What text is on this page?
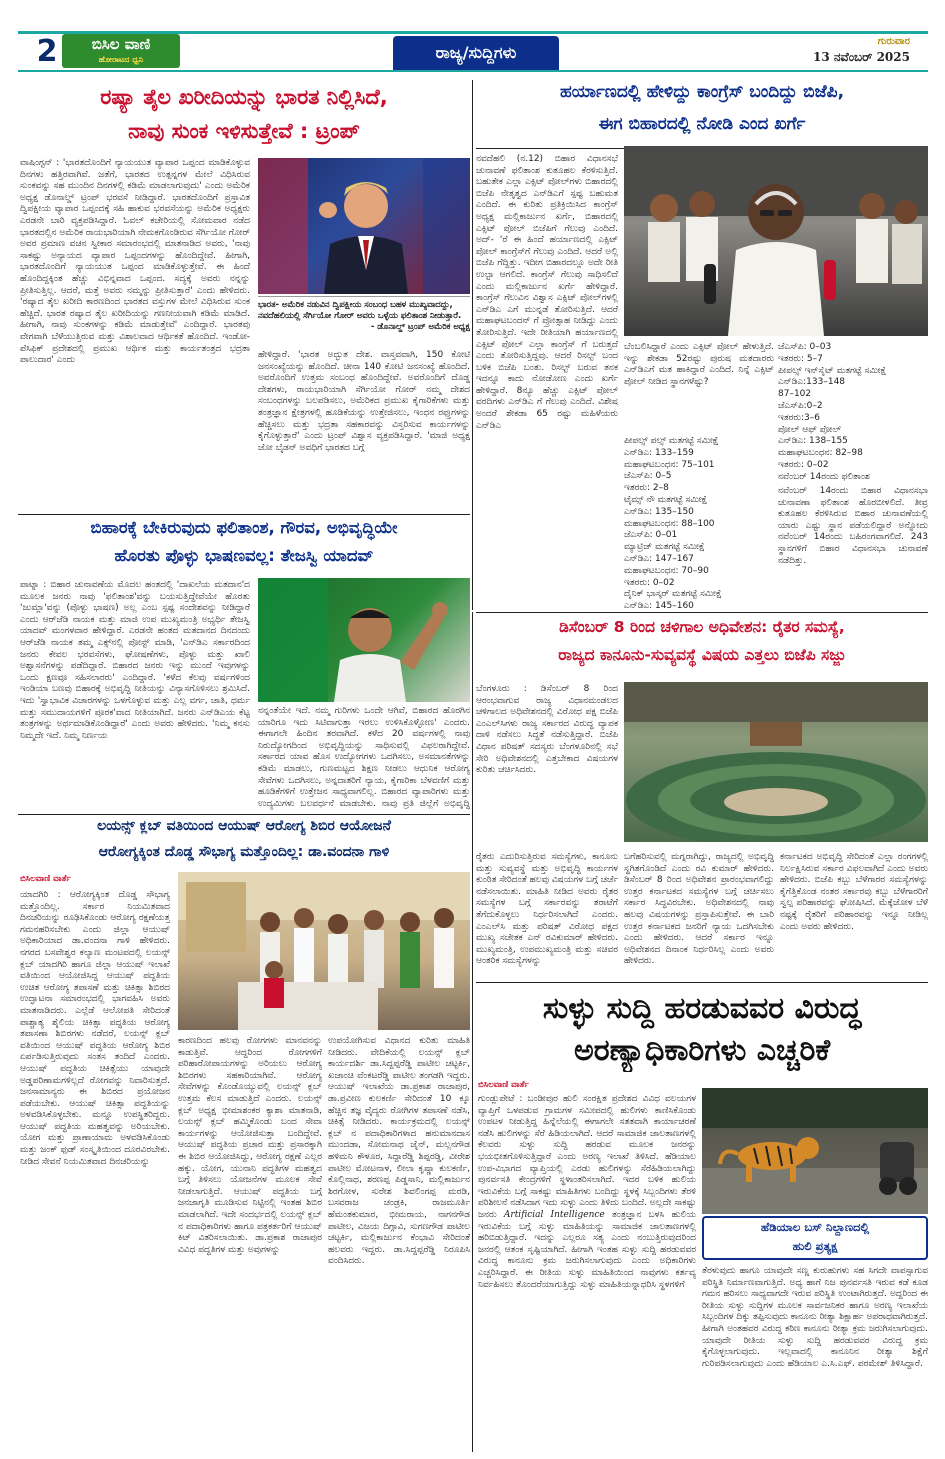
2	ಬಿಸಿಲ ವಾಣಿ
ಹೋರಾಟದ ಧ್ವನಿ	ರಾಜ್ಯ/ಸುದ್ದಿಗಳು
ಗುರುವಾರ
13 ನವೆಂಬರ್ 2025
ರಷ್ಯಾ ತೈಲ ಖರೀದಿಯನ್ನು ಭಾರತ ನಿಲ್ಲಿಸಿದೆ,
ನಾವು ಸುಂಕ ಇಳಿಸುತ್ತೇವೆ : ಟ್ರಂಪ್
ವಾಷಿಂಗ್ಟನ್ : 'ಭಾರತದೊಂದಿಗೆ ನ್ಯಾಯಯುತ ವ್ಯಾಪಾರ ಒಪ್ಪಂದ ಮಾಡಿಕೊಳ್ಳುವ ದಿನಗಳು ಹತ್ತಿರವಾಗಿವೆ. ಜತೆಗೆ, ಭಾರತದ ಉತ್ಪನ್ನಗಳ ಮೇಲೆ ವಿಧಿಸಿರುವ ಸುಂಕವನ್ನು ಸಹ ಮುಂದಿನ ದಿನಗಳಲ್ಲಿ ಕಡಿಮೆ ಮಾಡಲಾಗುವುದು' ಎಂದು ಅಮೆರಿಕ ಅಧ್ಯಕ್ಷ ಡೊನಾಲ್ಡ್ ಟ್ರಂಪ್ ಭರವಸೆ ನೀಡಿದ್ದಾರೆ. ಭಾರತದೊಂದಿಗೆ ಪ್ರಸ್ತಾವಿತ ದ್ವಿಪಕ್ಷೀಯ ವ್ಯಾಪಾರ ಒಪ್ಪಂದಕ್ಕೆ ಸಹಿ ಹಾಕುವ ಭರವಸೆಯನ್ನು ಅಮೆರಿಕ ಅಧ್ಯಕ್ಷರು ಎರಡನೇ ಬಾರಿ ವ್ಯಕ್ತಪಡಿಸಿದ್ದಾರೆ. ಓವಲ್ ಕಚೇರಿಯಲ್ಲಿ ಸೋಮವಾರ ನಡೆದ ಭಾರತದಲ್ಲಿನ ಅಮೆರಿಕ ರಾಯಭಾರಿಯಾಗಿ ನೇಮಕಗೊಂಡಿರುವ ಸೆರ್ಗಿಯೋ ಗೋರ್ ಅವರ ಪ್ರಮಾಣ ವಚನ ಸ್ವೀಕಾರ ಸಮಾರಂಭದಲ್ಲಿ ಮಾತನಾಡಿದ ಅವರು, 'ನಾವು ಸಾಕಷ್ಟು ಅನ್ಯಾಯದ ವ್ಯಾಪಾರ ಒಪ್ಪಂದಗಳನ್ನು ಹೊಂದಿದ್ದೇವೆ. ಹೀಗಾಗಿ, ಭಾರತದೊಂದಿಗೆ ನ್ಯಾಯಯುತ ಒಪ್ಪಂದ ಮಾಡಿಕೊಳ್ಳುತ್ತೇವೆ. ಈ ಹಿಂದೆ ಹೊಂದಿದ್ದಕ್ಕಿಂತ ಹೆಚ್ಚು ವಿಭಿನ್ನವಾದ ಒಪ್ಪಂದ. ಸದ್ಯಕ್ಕೆ ಅವರು ನನ್ನನ್ನು ಪ್ರೀತಿಸುತ್ತಿಲ್ಲ. ಆದರೆ, ಮತ್ತೆ ಅವರು ನಮ್ಮನ್ನು ಪ್ರೀತಿಸುತ್ತಾರೆ' ಎಂದು ಹೇಳಿದರು. 'ರಷ್ಯಾದ ತೈಲ ಖರೀದಿ ಕಾರಣದಿಂದ ಭಾರತದ ವಸ್ತುಗಳ ಮೇಲೆ ವಿಧಿಸಿರುವ ಸುಂಕ ಹೆಚ್ಚಿದೆ. ಭಾರತ ರಷ್ಯಾದ ತೈಲ ಖರೀದಿಯನ್ನು ಗಣನೀಯವಾಗಿ ಕಡಿಮೆ ಮಾಡಿದೆ. ಹೀಗಾಗಿ, ನಾವು ಸುಂಕಗಳನ್ನು ಕಡಿಮೆ ಮಾಡುತ್ತೇವೆ' ಎಂದಿದ್ದಾರೆ. ಭಾರತವು ವೇಗವಾಗಿ ಬೆಳೆಯುತ್ತಿರುವ ಮತ್ತು ವಿಶಾಲವಾದ ಆರ್ಥಿಕತೆ ಹೊಂದಿದೆ. ಇಂಡೋ-ಪೆಸಿಫಿಕ್ ಪ್ರದೇಶದಲ್ಲಿ ಪ್ರಮುಖ ಆರ್ಥಿಕ ಮತ್ತು ಕಾರ್ಯತಂತ್ರದ ಭದ್ರತಾ ಪಾಲುದಾರ' ಎಂದು
ಭಾರತ- ಅಮೆರಿಕ ನಡುವಿನ ದ್ವಿಪಕ್ಷೀಯ ಸಂಬಂಧ ಬಹಳ ಮುಖ್ಯವಾದದ್ದು, ನವದೆಹಲಿಯಲ್ಲಿ ಸೆರ್ಗಿಯೋ ಗೋರ್ ಅವರು ಒಳ್ಳೆಯ ಫಲಿತಾಂಶ ನೀಡುತ್ತಾರೆ.
- ಡೊನಾಲ್ಡ್ ಟ್ರಂಪ್ ಅಮೆರಿಕ ಅಧ್ಯಕ್ಷ
ಹೇಳಿದ್ದಾರೆ. 'ಭಾರತ ಅದ್ಭುತ ದೇಶ. ವಾಸ್ತವವಾಗಿ, 150 ಕೋಟಿ ಜನಸಂಖ್ಯೆಯನ್ನು ಹೊಂದಿದೆ. ಚೀನಾ 140 ಕೋಟಿ ಜನಸಂಖ್ಯೆ ಹೊಂದಿದೆ. ಅವರೊಂದಿಗೆ ಉತ್ತಮ ಸಂಬಂಧ ಹೊಂದಿದ್ದೇವೆ. ಅವರೊಂದಿಗೆ ದೊಡ್ಡ ದೇಶಗಳು, ರಾಯಭಾರಿಯಾಗಿ ಸೆರ್ಗಿಯೋ ಗೋರ್ ನಮ್ಮ ದೇಶದ ಸಂಬಂಧಗಳನ್ನು ಬಲಪಡಿಸಲು, ಅಮೆರಿಕದ ಪ್ರಮುಖ ಕೈಗಾರಿಕೆಗಳು ಮತ್ತು ತಂತ್ರಜ್ಞಾನ ಕ್ಷೇತ್ರಗಳಲ್ಲಿ ಹೂಡಿಕೆಯನ್ನು ಉತ್ತೇಜಿಸಲು, ಇಂಧನ ರಫ್ತುಗಳನ್ನು ಹೆಚ್ಚಿಸಲು ಮತ್ತು ಭದ್ರತಾ ಸಹಕಾರವನ್ನು ವಿಸ್ತರಿಸುವ ಕಾರ್ಯಗಳನ್ನು ಕೈಗೊಳ್ಳುತ್ತಾರೆ' ಎಂದು ಟ್ರಂಪ್ ವಿಶ್ವಾಸ ವ್ಯಕ್ತಪಡಿಸಿದ್ದಾರೆ. 'ಮಾಜಿ ಅಧ್ಯಕ್ಷ ಜೋ ಬೈಡನ್ ಅವಧಿಗೆ ಭಾರತದ ಬಗ್ಗೆ
ಹರ್ಯಾಣದಲ್ಲಿ ಹೇಳಿದ್ದು ಕಾಂಗ್ರೆಸ್ ಬಂದಿದ್ದು ಬಿಜೆಪಿ,
ಈಗ ಬಿಹಾರದಲ್ಲಿ ನೋಡಿ ಎಂದ ಖರ್ಗೆ
ನವದೆಹಲಿ (ನ.12) ಬಿಹಾರ ವಿಧಾನಸಭೆ ಚುನಾವಣೆ ಫಲಿತಾಂಶ ಕುತೂಹಲ ಕೆರಳಿಸುತ್ತಿದೆ. ಬಹುತೇಕ ಎಲ್ಲಾ ಎಕ್ಸಿಟ್ ಪೋಲ್‌ಗಳು ಬಿಹಾರದಲ್ಲಿ ಬಿಜೆಪಿ ನೇತೃತ್ವದ ಎನ್‌ಡಿಎಗೆ ಸ್ಪಷ್ಟ ಬಹುಮತ ಎಂದಿದೆ. ಈ ಕುರಿತು ಪ್ರತಿಕ್ರಿಯಿಸಿದ ಕಾಂಗ್ರೆಸ್ ಅಧ್ಯಕ್ಷ ಮಲ್ಲಿಕಾರ್ಜುನ ಖರ್ಗೆ, ಬಿಹಾರದಲ್ಲಿ ಎಕ್ಸಿಟ್ ಪೋಲ್ ಬಿಜೆಪಿಗೆ ಗೆಲುವು ಎಂದಿದೆ. ಅದ್- 'ರೆ ಈ ಹಿಂದೆ ಹರ್ಯಾಣದಲ್ಲಿ ಎಕ್ಸಿಟ್ ಪೋಲ್ ಕಾಂಗ್ರೆಸ್‌ಗೆ ಗೆಲುವು ಎಂದಿದೆ. ಆದರೆ ಅಲ್ಲಿ ಬಿಜೆಪಿ ಗೆದ್ದಿತ್ತು. ಇದೀಗ ಬಿಹಾರದಲ್ಲೂ ಅದೇ ರೀತಿ ಉಲ್ಟಾ ಆಗಲಿದೆ. ಕಾಂಗ್ರೆಸ್ ಗೆಲುವು ಸಾಧಿಸಲಿದೆ ಎಂದು ಮಲ್ಲಿಕಾರ್ಜುನ ಖರ್ಗೆ ಹೇಳಿದ್ದಾರೆ. ಕಾಂಗ್ರೆಸ್ ಗೆಲುವಿನ ವಿಶ್ವಾಸ ಎಕ್ಸಿಟ್ ಪೋಲ್‌ಗಳಲ್ಲಿ ಎನ್‌ಡಿಎ ಎಗೆ ಮುನ್ನಡೆ ತೋರಿಸುತ್ತಿದೆ. ಆದರೆ ಮಹಾಘಟಬಂದನ್ ಗೆ ಪ್ರೋತ್ಸಾಹ ನೀಡಿದ್ದು ಎಂದು ತೋರಿಸುತ್ತಿದೆ. ಇದೇ ರೀತಿಯಾಗಿ ಹರ್ಯಾಣದಲ್ಲಿ ಎಕ್ಸಿಟ್ ಪೋಲ್ ಎಲ್ಲಾ ಕಾಂಗ್ರೆಸ್ ಗೆ ಬರುತ್ತದೆ ಎಂದು ತೋರಿಸುತ್ತಿದ್ದವು. ಆದರೆ ರಿಸಲ್ಟ್ ಬಂದ ಬಳಿಕ ಬಿಜೆಪಿ ಬಂತು. ರಿಸಲ್ಟ್ ಬರುವ ತನಕ ಇದನ್ನೂ ಕಾದು ನೋಡೋಣ ಎಂದು ಖರ್ಗೆ ಹೇಳಿದ್ದಾರೆ. 8ನ್ಯೂ ಹೆಚ್ಚು ಎಕ್ಸಿಟ್ ಪೋಲ್ ವರದಿಗಳು ಎನ್‌ಡಿಎ ಗೆ ಗೆಲುವು ಎಂದಿದೆ. ವಿಶೇಷ ಅಂದರೆ ಶೇಕಡಾ 65 ರಷ್ಟು ಮಹಿಳೆಯರು ಎನ್‌ಡಿಎ
ಬೆಂಬಲಿಸಿದ್ದಾರೆ ಎಂದು ಎಕ್ಸಿಟ್ ಪೋಲ್ ಹೇಳುತ್ತಿದೆ. ಇನ್ನು ಶೇಕಡಾ 52ರಷ್ಟು ಪುರುಷ ಮತದಾರರು ಎನ್‌ಡಿಎಗೆ ಮತ ಹಾಕಿದ್ದಾರೆ ಎಂದಿದೆ. ನಿನ್ನೆ ಎಕ್ಸಿಟ್ ಪೋಲ್ ನೀಡಿದ ಸ್ಥಾನಗಳೆಷ್ಟು?
ಪೀಪಲ್ಸ್ ಪಲ್ಸ್ ಮತಗಟ್ಟೆ ಸಮೀಕ್ಷೆ
ಎನ್‌ಡಿಎ: 133–159
ಮಹಾಘಟಬಂಧನ: 75–101
ಜೆಎಸ್‌ಪಿ: 0–5
ಇತರರು: 2–8
ಟೈಮ್ಸ್ ನೌ ಮತಗಟ್ಟೆ ಸಮೀಕ್ಷೆ
ಎನ್‌ಡಿಎ: 135–150
ಮಹಾಘಟಬಂಧನ: 88–100
ಜೆಎಸ್‌ಪಿ: 0–01
ಮ್ಯಾಟ್ರಿಜ್ ಮತಗಟ್ಟೆ ಸಮೀಕ್ಷೆ
ಎನ್‌ಡಿಎ: 147–167
ಮಹಾಘಟಬಂಧನ: 70–90
ಇತರರು: 0–02
ದೈನಿಕ್ ಭಾಸ್ಕರ್ ಮತಗಟ್ಟೆ ಸಮೀಕ್ಷೆ
ಎನ್‌ಡಿಎ: 145–160
ಜೆಎಸ್‌ಪಿ: 0–03
ಇತರರು: 5–7
ಪೀಪಲ್ಸ್ ಇನ್‌ಸೈಟ್ ಮತಗಟ್ಟೆ ಸಮೀಕ್ಷೆ
ಎನ್‌ಡಿಎ:133–148
87–102
ಜೆಎಸ್‌ಪಿ:0–2
ಇತರರು:3–6
ಪೋಲ್ ಆಫ್ ಪೋಲ್
ಎನ್‌ಡಿಎ: 138–155
ಮಹಾಘಟಬಂಧನ: 82–98
ಇತರರು: 0–02
ನವೆಂಬರ್ 14ರಂದು ಫಲಿತಾಂಶ
ನವೆಂಬರ್ 14ರಂದು ಬಿಹಾರ ವಿಧಾನಸಭಾ ಚುನಾವಣಾ ಫಲಿತಾಂಶ ಹೊರಬೀಳಲಿದೆ. ತೀವ್ರ ಕುತೂಹಲ ಕೆರಳಿಸಿರುವ ಬಿಹಾರ ಚುನಾವಣೆಯಲ್ಲಿ ಯಾರು ಎಷ್ಟು ಸ್ಥಾನ ಪಡೆಯಲಿದ್ದಾರೆ ಅನ್ನೋದು ನವೆಂಬರ್ 14ರಂದು ಬಹಿರಂಗವಾಗಲಿದೆ. 243 ಸ್ಥಾನಗಳಿಗೆ ಬಿಹಾರ ವಿಧಾನಸಭಾ ಚುನಾವಣೆ ನಡೆದಿತ್ತು.
ಬಿಹಾರಕ್ಕೆ ಬೇಕಿರುವುದು ಫಲಿತಾಂಶ, ಗೌರವ, ಅಭಿವೃದ್ಧಿಯೇ
ಹೊರತು ಪೊಳ್ಳು ಭಾಷಣವಲ್ಲ: ತೇಜಸ್ವಿ ಯಾದವ್
ಪಾಟ್ನಾ : ಬಿಹಾರ ಚುನಾವಣೆಯ ಮೊದಲ ಹಂತದಲ್ಲಿ 'ದಾಖಲೆಯ ಮತದಾನ'ದ ಮೂಲಕ ಜನರು ನಾವು 'ಫಲಿತಾಂಶ'ವನ್ನು ಬಯಸುತ್ತಿದ್ದೇವೆಯೇ ಹೊರತು 'ಜುಮ್ಲಾ'ವನ್ನು (ಪೊಳ್ಳು ಭಾಷಣ) ಅಲ್ಲ ಎಂಬ ಸ್ಪಷ್ಟ ಸಂದೇಶವನ್ನು ನೀಡಿದ್ದಾರೆ ಎಂದು ಆರ್‌ಜೆಡಿ ನಾಯಕ ಮತ್ತು ಮಾಜಿ ಉಪ ಮುಖ್ಯಮಂತ್ರಿ ಅಭ್ಯರ್ಥಿ ತೇಜಸ್ವಿ ಯಾದವ್ ಮಂಗಳವಾರ ಹೇಳಿದ್ದಾರೆ. ಎರಡನೇ ಹಂತದ ಮತದಾನದ ದಿನದಂದು ಆರ್‌ಜೆಡಿ ನಾಯಕ ತಮ್ಮ ಎಕ್ಸ್‌ನಲ್ಲಿ ಪೋಸ್ಟ್ ಮಾಡಿ, 'ಎನ್‌ಡಿಎ ಸರ್ಕಾರದಿಂದ ಜನರು ಕೇವಲ ಭರವಸೆಗಳು, ಘೋಷಣೆಗಳು, ಪೊಳ್ಳು ಮತ್ತು ಖಾಲಿ ಅಶ್ವಾಸನೆಗಳನ್ನು ಪಡೆದಿದ್ದಾರೆ. ಬಿಹಾರದ ಜನರು ಇನ್ನು ಮುಂದೆ ಇವುಗಳನ್ನು ಒಂದು ಕ್ಷಣವೂ ಸಹಿಸಲಾರರು' ಎಂದಿದ್ದಾರೆ. 'ಕಳೆದ ಕೆಲವು ವರ್ಷಗಳಿಂದ ಇಂಡಿಯಾ ಬಣವು ಬಿಹಾರಕ್ಕೆ ಅಭಿವೃದ್ಧಿ ನೀತಿಯನ್ನು ವಿನ್ಯಾಸಗೊಳಿಸಲು ಶ್ರಮಿಸಿದೆ. ಇದು 'ಸ್ವಾಭಾವಿಕ ವಿಚಾರಗಳನ್ನು ಒಳಗೊಳ್ಳುವ ಮತ್ತು ಎಲ್ಲ ವರ್ಗ, ಜಾತಿ, ಧರ್ಮ ಮತ್ತು ಸಮುದಾಯಗಳಿಗೆ ಪೂರಕ'ವಾದ ನೀತಿಯಾಗಿದೆ. ಜನರು ಎನ್‌ಡಿಎಯ ಕೆಟ್ಟ ತಂತ್ರಗಳನ್ನು ಅರ್ಥಮಾಡಿಕೊಂಡಿದ್ದಾರೆ' ಎಂದು ಅವರು ಹೇಳಿದರು. 'ನಿಮ್ಮ ಕನಸು ನಿಮ್ಮದೇ ಇದೆ. ನಿಮ್ಮ ನಿರ್ಣಯ
ನನ್ನಂತೆಯೇ ಇದೆ. ನಮ್ಮ ಗುರಿಗಳು ಒಂದೇ ಆಗಿವೆ, ಬಿಹಾರದ ಹೊರಗಿನ ಯಾರಿಗೂ ಇದು ಸಿಟಿವಾಗುತ್ತಾ ಇರಲು ಉಳಿಸಿಕೊಳ್ಳೋಣ' ಎಂದರು. ಈಗಾಗಲೇ ಹಿಂದಿನ ತರವಾಗಿದೆ. ಕಳೆದ 20 ವರ್ಷಗಳಲ್ಲಿ ನಾವು ನಿರುದ್ಯೋಗದಿಂದ ಅಭಿವೃದ್ಧಿಯನ್ನು ಸಾಧಿಸುವಲ್ಲಿ ವಿಫಲರಾಗಿದ್ದೇವೆ. ಸರ್ಕಾರದ ಯಾವ ಹೊಸ ಉದ್ಯೋಗಗಳು ಒದಗಿಸಲು, ಅಸಮಾನತೆಗಳನ್ನು ಕಡಿಮೆ ಮಾಡಲು, ಗುಣಮಟ್ಟದ ಶಿಕ್ಷಣ ನೀಡಲು ಆಧುನಿಕ ಆರೋಗ್ಯ ಸೇವೆಗಳು ಒದಗಿಸಲು, ಅನ್ನದಾತರಿಗೆ ನ್ಯಾಯ, ಕೈಗಾರಿಕಾ ಬೆಳವಣಿಗೆ ಮತ್ತು ಹೂಡಿಕೆಗಳಿಗೆ ಉತ್ತೇಜನ ಸಾಧ್ಯವಾಗಲಿಲ್ಲ. ಬಿಹಾರದ ವ್ಯಾಪಾರಿಗಳು ಮತ್ತು ಉದ್ಯಮಿಗಳು ಬಲವರ್ಧನೆ ಮಾಡಬೇಕು. ನಾವು ಪ್ರತಿ ಜಿಲ್ಲೆಗೆ ಅಭಿವೃದ್ಧಿ
ಲಯನ್ಸ್ ಕ್ಲಬ್ ವತಿಯಿಂದ ಆಯುಷ್ ಆರೋಗ್ಯ ಶಿಬಿರ ಆಯೋಜನೆ
ಆರೋಗ್ಯಕ್ಕಿಂತ ದೊಡ್ಡ ಸೌಭಾಗ್ಯ ಮತ್ತೊಂದಿಲ್ಲ: ಡಾ.ವಂದನಾ ಗಾಳಿ
ಬಿಸಿಲವಾಣಿ ವಾರ್ತೆ
ಯಾದಗಿರಿ : ಆರೋಗ್ಯಕ್ಕಿಂತ ದೊಡ್ಡ ಸೌಭಾಗ್ಯ ಮತ್ತೊಂದಿಲ್ಲ. ಸರ್ಕಾರ ನಿಯಮಿತವಾದ ದಿನಚರಿಯನ್ನು ರೂಢಿಸಿಕೊಂಡು ಆರೋಗ್ಯ ರಕ್ಷಣೆಯತ್ತ ಗಮನಹರಿಸಬೇಕು ಎಂದು ಜಿಲ್ಲಾ ಆಯುಷ್ ಅಧಿಕಾರಿಯಾದ ಡಾ.ವಂದನಾ ಗಾಳಿ ಹೇಳಿದರು. ನಗರದ ಬಸವೇಶ್ವರ ಕಲ್ಯಾಣ ಮಂಟಪದಲ್ಲಿ ಲಯನ್ಸ್ ಕ್ಲಬ್ ಯಾದಗಿರಿ ಹಾಗೂ ಜಿಲ್ಲಾ ಆಯುಷ್ ಇಲಾಖೆ ವತಿಯಿಂದ ಆಯೋಜಿಸಿದ್ದ ಆಯುಷ್ ಪದ್ಧತಿಯ ಉಚಿತ ಆರೋಗ್ಯ ತಪಾಸಣೆ ಮತ್ತು ಚಿಕಿತ್ಸಾ ಶಿಬಿರದ ಉದ್ಘಾಟನಾ ಸಮಾರಂಭದಲ್ಲಿ ಭಾಗವಹಿಸಿ ಅವರು ಮಾತನಾಡಿದರು. ಎಲ್ಲೆಡೆ ಆಲೋಪತಿ ಸೇರಿದಂತೆ ಪಾಶ್ಚಾತ್ಯ ಶೈಲಿಯ ಚಿಕಿತ್ಸಾ ಪದ್ಧತಿಯ ಆರೋಗ್ಯ ತಪಾಸಣಾ ಶಿಬಿರಗಳು ನಡೆದರೆ, ಲಯನ್ಸ್ ಕ್ಲಬ್ ವತಿಯಿಂದ ಆಯುಷ್ ಪದ್ಧತಿಯ ಆರೋಗ್ಯ ಶಿಬಿರ ಏರ್ಪಡಿಸುತ್ತಿರುವುದು ಸಂತಸ ತಂದಿದೆ ಎಂದರು. ಆಯುಷ್ ಪದ್ಧತಿಯ ಚಿಕಿತ್ಸೆಯು ಯಾವುದೇ ಅಡ್ಡಪರಿಣಾಮಗಳಿಲ್ಲದೆ ರೋಗವನ್ನು ನಿವಾರಿಸುತ್ತದೆ. ಜನಸಾಮಾನ್ಯರು ಈ ಶಿಬಿರದ ಪ್ರಯೋಜನ ಪಡೆಯಬೇಕು. ಆಯುಷ್ ಚಿಕಿತ್ಸಾ ಪದ್ಧತಿಯನ್ನು ಅಳವಡಿಸಿಕೊಳ್ಳಬೇಕು. ಮನ್ನೂ ಉಪಸ್ಥಿತರಿದ್ದರು. ಆಯುಷ್ ಪದ್ಧತಿಯ ಮಹತ್ವವನ್ನು ಅರಿಯಬೇಕು. ಯೋಗ ಮತ್ತು ಪ್ರಾಣಾಯಾಮ ಅಳವಡಿಸಿಕೊಂಡು ಮತ್ತು ಜಂಕ್ ಫುಡ್ ಸಂಸ್ಕೃತಿಯಿಂದ ದೂರವಿರಬೇಕು. ನೀಡಿದ ಸೇವನೆ ನಿಯಮಿತವಾದ ದಿನಚರಿಯನ್ನು
ಕಾರಣದಿಂದ ಹಲವು ರೋಗಗಳು ಮಾನವನನ್ನು ಕಾಡುತ್ತಿವೆ. ಆದ್ದರಿಂದ ರೋಗಗಳಿಗೆ ಪರಿಹಾರೋಪಾಯಗಳನ್ನು ಅರಿಯಲು ಆರೋಗ್ಯ ಶಿಬಿರಗಳು ಸಹಕಾರಿಯಾಗಿವೆ. ಆರೋಗ್ಯ ಸೇವೆಗಳನ್ನು ಕೊಂಡೊಯ್ಯುವಲ್ಲಿ ಲಯನ್ಸ್ ಕ್ಲಬ್ ಉತ್ತಮ ಕೆಲಸ ಮಾಡುತ್ತಿದೆ ಎಂದರು. ಲಯನ್ಸ್ ಕ್ಲಬ್ ಅಧ್ಯಕ್ಷ ಭೀಮಾಶಂಕರ ಕ್ಯಾಶಾ ಮಾತನಾಡಿ, ಲಯನ್ಸ್ ಕ್ಲಬ್ ಹಮ್ಮಿಕೊಂಡು ಬಂದ ಸೇವಾ ಕಾರ್ಯಗಳನ್ನು ಆಯೋಜಿಸುತ್ತಾ ಬಂದಿದ್ದೇವೆ. ಆಯುಷ್ ಪದ್ಧತಿಯ ಪ್ರಚಾರ ಮತ್ತು ಪ್ರಸಾರಕ್ಕಾಗಿ ಈ ಶಿಬಿರ ಆಯೋಜಿಸಿದ್ದು, ಆರೋಗ್ಯ ರಕ್ಷಣೆ ಎಲ್ಲರ ಹಕ್ಕು. ಯೋಗ, ಯುನಾನಿ ಪದ್ಧತಿಗಳ ಮಹತ್ವದ ಬಗ್ಗೆ ತಿಳಿಸಲು ಯೋಜನೆಗಳ ಮೂಲಕ ಸೇವೆ ನೀಡಲಾಗುತ್ತಿದೆ. ಆಯುಷ್ ಪದ್ಧತಿಯ ಬಗ್ಗೆ ಜನಜಾಗೃತಿ ಮೂಡಿಸುವ ನಿಟ್ಟಿನಲ್ಲಿ ಇಂತಹ ಶಿಬಿರ ಮಾಡಲಾಗಿದೆ. ಇದೇ ಸಂದರ್ಭದಲ್ಲಿ ಲಯನ್ಸ್ ಕ್ಲಬ್ ನ ಪದಾಧಿಕಾರಿಗಳು ಹಾಗೂ ಪತ್ರಕರ್ತರಿಗೆ ಆಯುಷ್ ಕಿಟ್ ವಿತರಿಸಲಾಯಿತು. ಡಾ.ಪ್ರಕಾಶ ರಾಜಾಪುರ ವಿವಿಧ ಪದ್ಧತಿಗಳ ಮತ್ತು ಅವುಗಳನ್ನು
ಉಪಯೋಗಿಸುವ ವಿಧಾನದ ಕುರಿತು ಮಾಹಿತಿ ನೀಡಿದರು. ವೇದಿಕೆಯಲ್ಲಿ ಲಯನ್ಸ್ ಕ್ಲಬ್ ಕಾರ್ಯದರ್ಶಿ ಡಾ.ಸಿದ್ದಪ್ಪರೆಡ್ಡಿ ಪಾಟೀಲ ಚಟ್ಟರ್ಕಿ, ಖಜಾಂಚಿ ವೆಂಕಟರೆಡ್ಡಿ ಪಾಟೀಲ ತಂಗಡಗಿ ಇದ್ದರು. ಆಯುಷ್ ಇಲಾಖೆಯ ಡಾ.ಪ್ರಕಾಶ ರಾಜಾಪುರ, ಡಾ.ಪ್ರವೀಣ ಕುಲಕರ್ಣಿ ಸೇರಿದಂತೆ 10 ಕ್ಕೂ ಹೆಚ್ಚಿನ ತಜ್ಞ ವೈದ್ಯರು ರೋಗಿಗಳ ತಪಾಸಣೆ ನಡೆಸಿ, ಚಿಕಿತ್ಸೆ ನೀಡಿದರು. ಕಾರ್ಯಕ್ರಮದಲ್ಲಿ ಲಯನ್ಸ್ ಕ್ಲಬ್ ನ ಪದಾಧಿಕಾರಿಗಳಾದ ಹನುಮಾನದಾಸ ಮುಂದಡಾ, ಸೋಮನಾಥ ಜೈನ್, ಮಲ್ಲನಗೌಡ ಹಳಿಮನಿ ಕೌಳೂರ, ಸಿದ್ದಾರೆಡ್ಡಿ ಶಿಪ್ಪರಡ್ಡಿ, ವೀರೇಶ ಪಾಟೀಲ ಮೋಟನಾಳ, ಲೀಲಾ ಕೃಷ್ಣಾ ಕುಲಕರ್ಣಿ, ಕೊಲ್ಲಿನಾಥ, ಶರಣಪ್ಪ ಪಿಡ್ಡಸಾನಿ, ಮಲ್ಲಿಕಾರ್ಜುನ ಶಿರಗೋಳ, ಸುರೇಶ ಶಿವಲಿಂಗಪ್ಪ ಮರಡಿ, ಬಸವರಾಜ ಚಂಡ್ರಕಿ, ರಾಜಮೂರ್ತಿ ಹೆಮಂತಕುಮಾರ, ಭೀಮರಾಯ, ನಾಗನಗೌಡ ಪಾಟೀಲ, ವಿಜಯ ದಿಗ್ಗಾವಿ, ಸುಗಣಗೌಡ ಪಾಟೀಲ ಚಟ್ಟರ್ಕಿ, ಮಲ್ಲಿಕಾರ್ಜುನ ಕೆಂಭಾವಿ ಸೇರಿದಂತೆ ಹಲವರು ಇದ್ದರು. ಡಾ.ಸಿದ್ದಪ್ಪರೆಡ್ಡಿ ನಿರೂಪಿಸಿ ವಂದಿಸಿದರು.
ಡಿಸೆಂಬರ್ 8 ರಿಂದ ಚಳಿಗಾಲ ಅಧಿವೇಶನ: ರೈತರ ಸಮಸ್ಯೆ,
ರಾಜ್ಯದ ಕಾನೂನು-ಸುವ್ಯವಸ್ಥೆ ವಿಷಯ ಎತ್ತಲು ಬಿಜೆಪಿ ಸಜ್ಜು
ಬೆಂಗಳೂರು : ಡಿಸೆಂಬರ್ 8 ರಿಂದ ಆರಂಭವಾಗುವ ರಾಜ್ಯ ವಿಧಾನಮಂಡಲದ ಚಳಿಗಾಲದ ಅಧಿವೇಶನದಲ್ಲಿ ವಿರೋಧ ಪಕ್ಷ ಬಿಜೆಪಿ ಎಂಎಲ್‌ಸಿಗಳು ರಾಜ್ಯ ಸರ್ಕಾರದ ವಿರುದ್ಧ ವ್ಯಾಪಕ ದಾಳಿ ನಡೆಸಲು ಸಿದ್ಧತೆ ನಡೆಸುತ್ತಿದ್ದಾರೆ. ಬಿಜೆಪಿ ವಿಧಾನ ಪರಿಷತ್ ಸದಸ್ಯರು ಬೆಂಗಳೂರಿನಲ್ಲಿ ಸಭೆ ಸೇರಿ ಅಧಿವೇಶನದಲ್ಲಿ ಎತ್ತಬೇಕಾದ ವಿಷಯಗಳ ಕುರಿತು ಚರ್ಚಿಸಿದರು.
ರೈತರು ಎದುರಿಸುತ್ತಿರುವ ಸಮಸ್ಯೆಗಳು, ಕಾನೂನು ಮತ್ತು ಸುವ್ಯವಸ್ಥೆ ಮತ್ತು ಅಭಿವೃದ್ಧಿ ಕಾರ್ಯಗಳ ಕುಂಠಿತ ಸೇರಿದಂತೆ ಹಲವು ವಿಷಯಗಳ ಬಗ್ಗೆ ಚರ್ಚೆ ನಡೆಸಲಾಯಿತು. ಮಾಹಿತಿ ನೀಡಿದ ಅವರು ರೈತರ ಸಮಸ್ಯೆಗಳ ಬಗ್ಗೆ ಸರ್ಕಾರವನ್ನು ತರಾಟೆಗೆ ತೆಗೆದುಕೊಳ್ಳಲು ನಿರ್ಧರಿಸಲಾಗಿದೆ ಎಂದರು. ಎಂಎಲ್‌ಸಿ ಮತ್ತು ಪರಿಷತ್ ವಿರೋಧ ಪಕ್ಷದ ಮುಖ್ಯ ಸಚೇತಕ ಎನ್ ರವಿಕುಮಾರ್ ಹೇಳಿದರು. ಮುಖ್ಯಮಂತ್ರಿ, ಉಪಮುಖ್ಯಮಂತ್ರಿ ಮತ್ತು ಸಚಿವರ ಆಂತರಿಕ ಸಮಸ್ಯೆಗಳನ್ನು
ಬಗೆಹರಿಸುವಲ್ಲಿ ಮಗ್ನರಾಗಿದ್ದು, ರಾಜ್ಯದಲ್ಲಿ ಅಭಿವೃದ್ಧಿ ಸ್ಥಗಿತಗೊಂಡಿದೆ ಎಂದು ರವಿ ಕುಮಾರ್ ಹೇಳಿದರು. ಡಿಸೆಂಬರ್ 8 ರಿಂದ ಅಧಿವೇಶನ ಪ್ರಾರಂಭವಾಗಲಿದ್ದು ಉತ್ತರ ಕರ್ನಾಟಕದ ಸಮಸ್ಯೆಗಳ ಬಗ್ಗೆ ಚರ್ಚಿಸಲು ಸರ್ಕಾರ ಸಿದ್ಧವಿರಬೇಕು. ಅಧಿವೇಶನದಲ್ಲಿ ನಾವು ಹಲವು ವಿಷಯಗಳನ್ನು ಪ್ರಸ್ತಾಪಿಸುತ್ತೇವೆ. ಈ ಬಾರಿ ಉತ್ತರ ಕರ್ನಾಟಕದ ಜನರಿಗೆ ನ್ಯಾಯ ಒದಗಿಸಬೇಕು ಎಂದು ಹೇಳಿದರು. ಆದರೆ ಸರ್ಕಾರ ಇನ್ನೂ ಅಧಿವೇಶನದ ದಿನಾಂಕ ನಿರ್ಧರಿಸಿಲ್ಲ ಎಂದು ಅವರು ಹೇಳಿದರು.
ಕರ್ನಾಟಕದ ಅಭಿವೃದ್ಧಿ ಸೇರಿದಂತೆ ಎಲ್ಲಾ ರಂಗಗಳಲ್ಲಿ ನಿರ್ಲಕ್ಷಿಸಿರುವ ಸರ್ಕಾರ ವಿಫಲವಾಗಿದೆ ಎಂದು ಅವರು ಹೇಳಿದರು. ಬಿಜೆಪಿ ಕಬ್ಬು ಬೆಳೆಗಾರರ ಸಮಸ್ಯೆಗಳನ್ನು ಕೈಗೆತ್ತಿಕೊಂಡ ನಂತರ ಸರ್ಕಾರವು ಕಬ್ಬು ಬೆಳೆಗಾರರಿಗೆ ಸ್ವಲ್ಪ ಪರಿಹಾರವನ್ನು ಘೋಷಿಸಿದೆ. ಮೆಕ್ಕೆಜೋಳ ಬೆಳೆ ನಷ್ಟಕ್ಕೆ ರೈತರಿಗೆ ಪರಿಹಾರವನ್ನು ಇನ್ನೂ ನೀಡಿಲ್ಲ ಎಂದು ಅವರು ಹೇಳಿದರು.
ಸುಳ್ಳು ಸುದ್ದಿ ಹರಡುವವರ ವಿರುದ್ಧ
ಅರಣ್ಯಾಧಿಕಾರಿಗಳು ಎಚ್ಚರಿಕೆ
ಬಿಸಿಲವಾಣಿ ವಾರ್ತೆ
ಗುಂಡ್ಲುಪೇಟೆ : ಬಂಡೀಪುರ ಹುಲಿ ಸಂರಕ್ಷಿತ ಪ್ರದೇಶದ ವಿವಿಧ ವಲಯಗಳ ವ್ಯಾಪ್ತಿಗೆ ಒಳಪಡುವ ಗ್ರಾಮಗಳ ಸಮೀಪದಲ್ಲಿ ಹುಲಿಗಳು ಕಾಣಿಸಿಕೊಂಡು ಉಪಟಳ ನೀಡುತ್ತಿದ್ದ ಹಿನ್ನೆಲೆಯಲ್ಲಿ ಈಗಾಗಲೇ ಸತತವಾಗಿ ಕಾರ್ಯಾಚರಣೆ ನಡೆಸಿ ಹುಲಿಗಳನ್ನು ಸೆರೆ ಹಿಡಿಯಲಾಗಿದೆ. ಆದರೆ ಸಾಮಾಜಿಕ ಜಾಲತಾಣಗಳಲ್ಲಿ ಕೆಲವರು ಸುಳ್ಳು ಸುದ್ದಿ ಹರಡುವ ಮೂಲಕ ಜನರನ್ನು ಭಯಭೀತಗೊಳಿಸುತ್ತಿದ್ದಾರೆ ಎಂದು ಅರಣ್ಯ ಇಲಾಖೆ ತಿಳಿಸಿದೆ. ಹೆಡಿಯಾಲ ಉಪ-ವಿಭಾಗದ ವ್ಯಾಪ್ತಿಯಲ್ಲಿ ಎರಡು ಹುಲಿಗಳನ್ನು ಸೆರೆಹಿಡಿಯಲಾಗಿದ್ದು ಪುನರ್ವಸತಿ ಕೇಂದ್ರಗಳಿಗೆ ಸ್ಥಳಾಂತರಿಸಲಾಗಿದೆ. ಇದರ ಬಳಿಕ ಹುಲಿಯ ಇರುವಿಕೆಯ ಬಗ್ಗೆ ಸಾಕಷ್ಟು ಮಾಹಿತಿಗಳು ಬಂದಿದ್ದು ಸ್ಥಳಕ್ಕೆ ಸಿಬ್ಬಂದಿಗಳು ತೆರಳಿ ಪರಿಶೀಲನೆ ನಡೆಸಿದಾಗ ಇದು ಸುಳ್ಳು ಎಂದು ತಿಳಿದು ಬಂದಿದೆ. ಅಲ್ಲದೇ ಸಾಕಷ್ಟು ಜನರು Artificial Intelligence ತಂತ್ರಜ್ಞಾನ ಬಳಸಿ ಹುಲಿಯ ಇರುವಿಕೆಯ ಬಗ್ಗೆ ಸುಳ್ಳು ಮಾಹಿತಿಯನ್ನು ಸಾಮಾಜಿಕ ಜಾಲತಾಣಗಳಲ್ಲಿ ಹರಿಬಿಡುತ್ತಿದ್ದಾರೆ. ಇದನ್ನು ಎಲ್ಲರೂ ಸತ್ಯ ಎಂದು ನಂಬುತ್ತಿರುವುದರಿಂದ ಜನರಲ್ಲಿ ಆತಂಕ ಸೃಷ್ಟಿಯಾಗಿದೆ. ಹೀಗಾಗಿ ಇಂತಹ ಸುಳ್ಳು ಸುದ್ದಿ ಹರಡುವವರ ವಿರುದ್ಧ ಕಾನೂನು ಕ್ರಮ ಜರುಗಿಸಲಾಗುವುದು ಎಂದು ಅಧಿಕಾರಿಗಳು ಎಚ್ಚರಿಸಿದ್ದಾರೆ. ಈ ರೀತಿಯ ಸುಳ್ಳು ಮಾಹಿತಿಯಿಂದ ನಾವುಗಳು ಕರ್ತವ್ಯ ನಿರ್ವಹಿಸಲು ತೊಂದರೆಯಾಗುತ್ತಿದ್ದು ಸುಳ್ಳು ಮಾಹಿತಿಯನ್ನಾಧರಿಸಿ ಸ್ಥಳಗಳಿಗೆ
ಹೆಡಿಯಾಲ ಬಸ್ ನಿಲ್ದಾಣದಲ್ಲಿ
ಹುಲಿ ಪ್ರತ್ಯಕ್ಷ
ತೆರಳುವುದು ಹಾಗೂ ಯಾವುದೇ ಸಣ್ಣ ಕುರುಹುಗಳು ಸಹ ಸಿಗದೇ ವಾಪಸ್ಸಾಗುವ ಪರಿಸ್ಥಿತಿ ನಿರ್ಮಾಣವಾಗುತ್ತಿದೆ. ಅಧ್ಯ ಹಾಗೆ ನಿಜ ಪುನರ್ವಸತಿ ಇರುವ ಕಡೆ ಕೂಡ ಗಮನ ಹರಿಸಲು ಸಾಧ್ಯವಾಗದೇ ಇರುವ ಪರಿಸ್ಥಿತಿ ಉಂಟಾಗಿರುತ್ತದೆ. ಅದ್ದರಿಂದ ಈ ರೀತಿಯ ಸುಳ್ಳು ಸುದ್ದಿಗಳ ಮೂಲಕ ಸಾರ್ವಜನಿಕರ ಹಾಗೂ ಅರಣ್ಯ ಇಲಾಖೆಯ ಸಿಬ್ಬಂದಿಗಳ ದಿಕ್ಕು ತಪ್ಪಿಸುವುದು ಕಾನೂನು ರೀತ್ಯಾ ಶಿಕ್ಷಾರ್ಹ ಅಪರಾಧವಾಗಿರುತ್ತದೆ. ಹೀಗಾಗಿ ಅಂತಹವರ ವಿರುದ್ಧ ಕಠಿಣ ಕಾನೂನು ರೀತ್ಯಾ ಕ್ರಮ ಜರುಗಿಸಲಾಗುವುದು. ಯಾವುದೇ ರೀತಿಯ ಸುಳ್ಳು ಸುದ್ದಿ ಹರಡುವವರ ವಿರುದ್ಧ ಕ್ರಮ ಕೈಗೊಳ್ಳಲಾಗುವುದು. ಇಲ್ಲವಾದಲ್ಲಿ ಕಾನೂನಿನ ರೀತ್ಯಾ ಶಿಕ್ಷೆಗೆ ಗುರಿಪಡಿಸಲಾಗುವುದು ಎಂದು ಹೆಡಿಯಾಲ ಎ.ಸಿ.ಎಫ್. ಪರಮೇಶ್ ತಿಳಿಸಿದ್ದಾರೆ.
